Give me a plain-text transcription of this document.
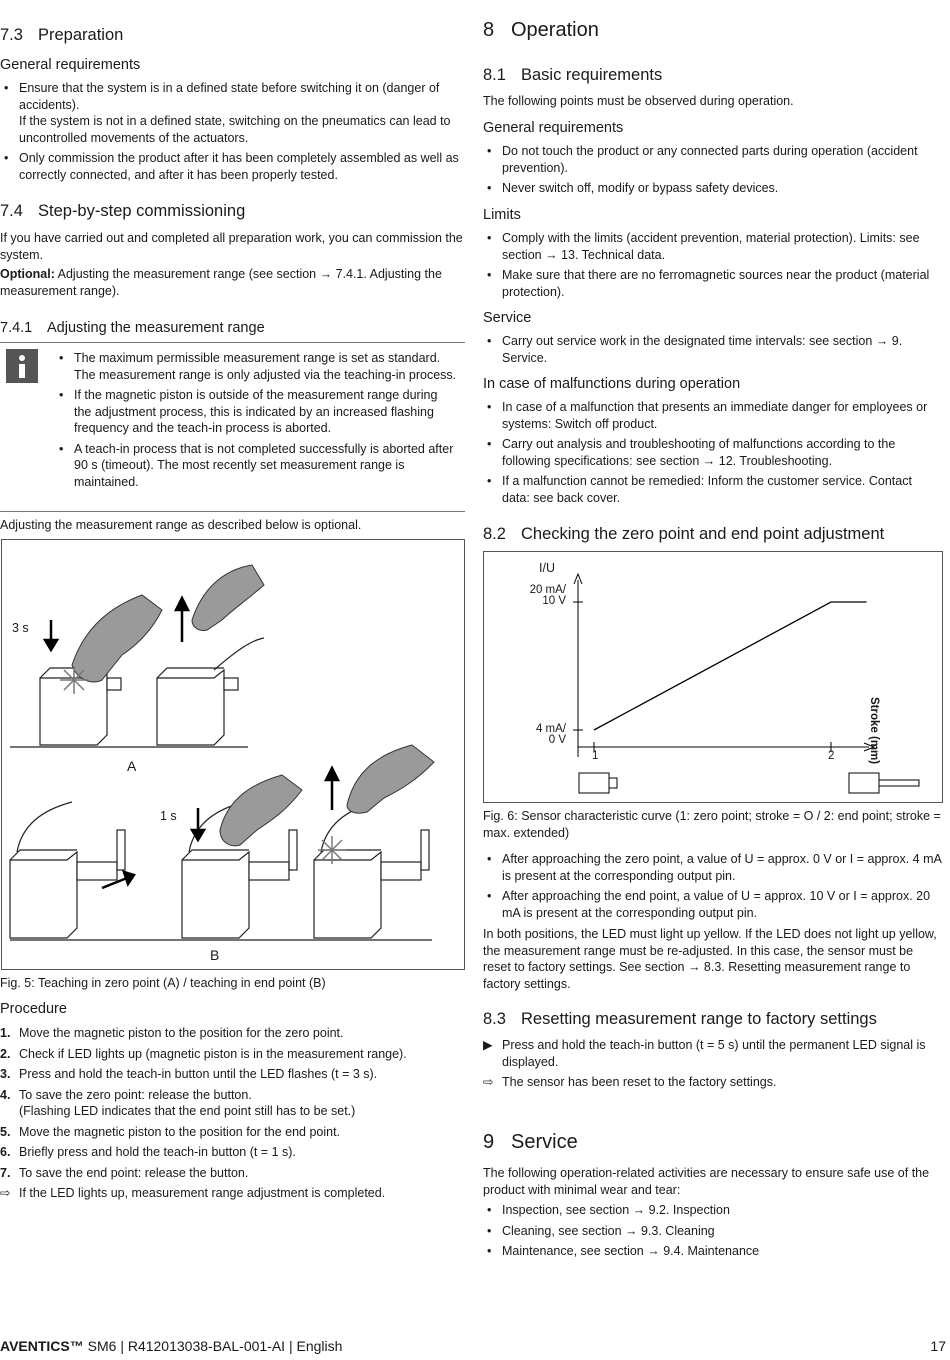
7.3 Preparation
General requirements
• Ensure that the system is in a defined state before switching it on (danger of accidents).
If the system is not in a defined state, switching on the pneumatics can lead to uncontrolled movements of the actuators.
• Only commission the product after it has been completely assembled as well as correctly connected, and after it has been properly tested.
7.4 Step-by-step commissioning
If you have carried out and completed all preparation work, you can commission the system.
Optional: Adjusting the measurement range (see section → 7.4.1. Adjusting the measurement range).
7.4.1 Adjusting the measurement range
• The maximum permissible measurement range is set as standard. The measurement range is only adjusted via the teaching-in process.
• If the magnetic piston is outside of the measurement range during the adjustment process, this is indicated by an increased flashing frequency and the teach-in process is aborted.
• A teach-in process that is not completed successfully is aborted after 90 s (timeout). The most recently set measurement range is maintained.
Adjusting the measurement range as described below is optional.
3 s
A
1 s
B
Fig. 5: Teaching in zero point (A) / teaching in end point (B)
Procedure
1. Move the magnetic piston to the position for the zero point.
2. Check if LED lights up (magnetic piston is in the measurement range).
3. Press and hold the teach-in button until the LED flashes (t = 3 s).
4. To save the zero point: release the button.
(Flashing LED indicates that the end point still has to be set.)
5. Move the magnetic piston to the position for the end point.
6. Briefly press and hold the teach-in button (t = 1 s).
7. To save the end point: release the button.
⇨ If the LED lights up, measurement range adjustment is completed.
8 Operation
8.1 Basic requirements
The following points must be observed during operation.
General requirements
• Do not touch the product or any connected parts during operation (accident prevention).
• Never switch off, modify or bypass safety devices.
Limits
• Comply with the limits (accident prevention, material protection). Limits: see section → 13. Technical data.
• Make sure that there are no ferromagnetic sources near the product (material protection).
Service
• Carry out service work in the designated time intervals: see section → 9. Service.
In case of malfunctions during operation
• In case of a malfunction that presents an immediate danger for employees or systems: Switch off product.
• Carry out analysis and troubleshooting of malfunctions according to the following specifications: see section → 12. Troubleshooting.
• If a malfunction cannot be remedied: Inform the customer service. Contact data: see back cover.
8.2 Checking the zero point and end point adjustment
I/U
Stroke (mm)
20 mA/
10 V
4 mA/
0 V
1	2
Fig. 6: Sensor characteristic curve (1: zero point; stroke = O / 2: end point; stroke = max. extended)
• After approaching the zero point, a value of U = approx. 0 V or I = approx. 4 mA is present at the corresponding output pin.
• After approaching the end point, a value of U = approx. 10 V or I = approx. 20 mA is present at the corresponding output pin.
In both positions, the LED must light up yellow. If the LED does not light up yellow, the measurement range must be re-adjusted. In this case, the sensor must be reset to factory settings. See section → 8.3. Resetting measurement range to factory settings.
8.3 Resetting measurement range to factory settings
▶ Press and hold the teach-in button (t = 5 s) until the permanent LED signal is displayed.
⇨ The sensor has been reset to the factory settings.
9 Service
The following operation-related activities are necessary to ensure safe use of the product with minimal wear and tear:
• Inspection, see section → 9.2. Inspection
• Cleaning, see section → 9.3. Cleaning
• Maintenance, see section → 9.4. Maintenance
AVENTICS™ SM6 | R412013038-BAL-001-AI | English	17
